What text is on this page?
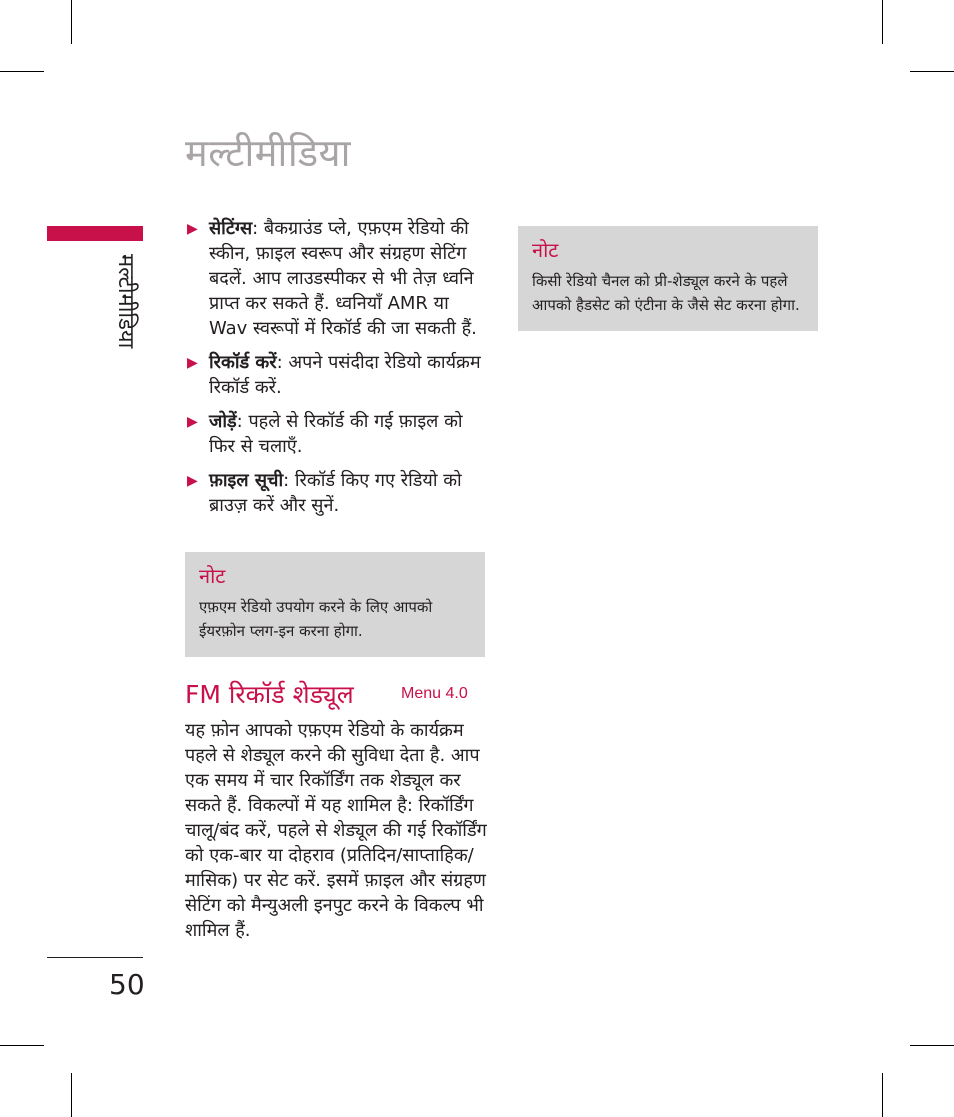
मल्टीमीडिया
मल्टीमीडिया
50
▶ सेटिंग्स: बैकग्राउंड प्ले, एफ़एम रेडियो की स्कीन, फ़ाइल स्वरूप और संग्रहण सेटिंग बदलें. आप लाउडस्पीकर से भी तेज़ ध्वनि प्राप्त कर सकते हैं. ध्वनियाँ AMR या Wav स्वरूपों में रिकॉर्ड की जा सकती हैं.
▶ रिकॉर्ड करें: अपने पसंदीदा रेडियो कार्यक्रम रिकॉर्ड करें.
▶ जोड़ें: पहले से रिकॉर्ड की गई फ़ाइल को फिर से चलाएँ.
▶ फ़ाइल सूची: रिकॉर्ड किए गए रेडियो को ब्राउज़ करें और सुनें.
नोट
एफ़एम रेडियो उपयोग करने के लिए आपको ईयरफ़ोन प्लग-इन करना होगा.
FM रिकॉर्ड शेड्यूल	Menu 4.0
यह फ़ोन आपको एफ़एम रेडियो के कार्यक्रम पहले से शेड्यूल करने की सुविधा देता है. आप एक समय में चार रिकॉर्डिंग तक शेड्यूल कर सकते हैं. विकल्पों में यह शामिल है: रिकॉर्डिंग चालू/बंद करें, पहले से शेड्यूल की गई रिकॉर्डिंग को एक-बार या दोहराव (प्रतिदिन/साप्ताहिक/मासिक) पर सेट करें. इसमें फ़ाइल और संग्रहण सेटिंग को मैन्युअली इनपुट करने के विकल्प भी शामिल हैं.
नोट
किसी रेडियो चैनल को प्री-शेड्यूल करने के पहले आपको हैडसेट को एंटीना के जैसे सेट करना होगा.
